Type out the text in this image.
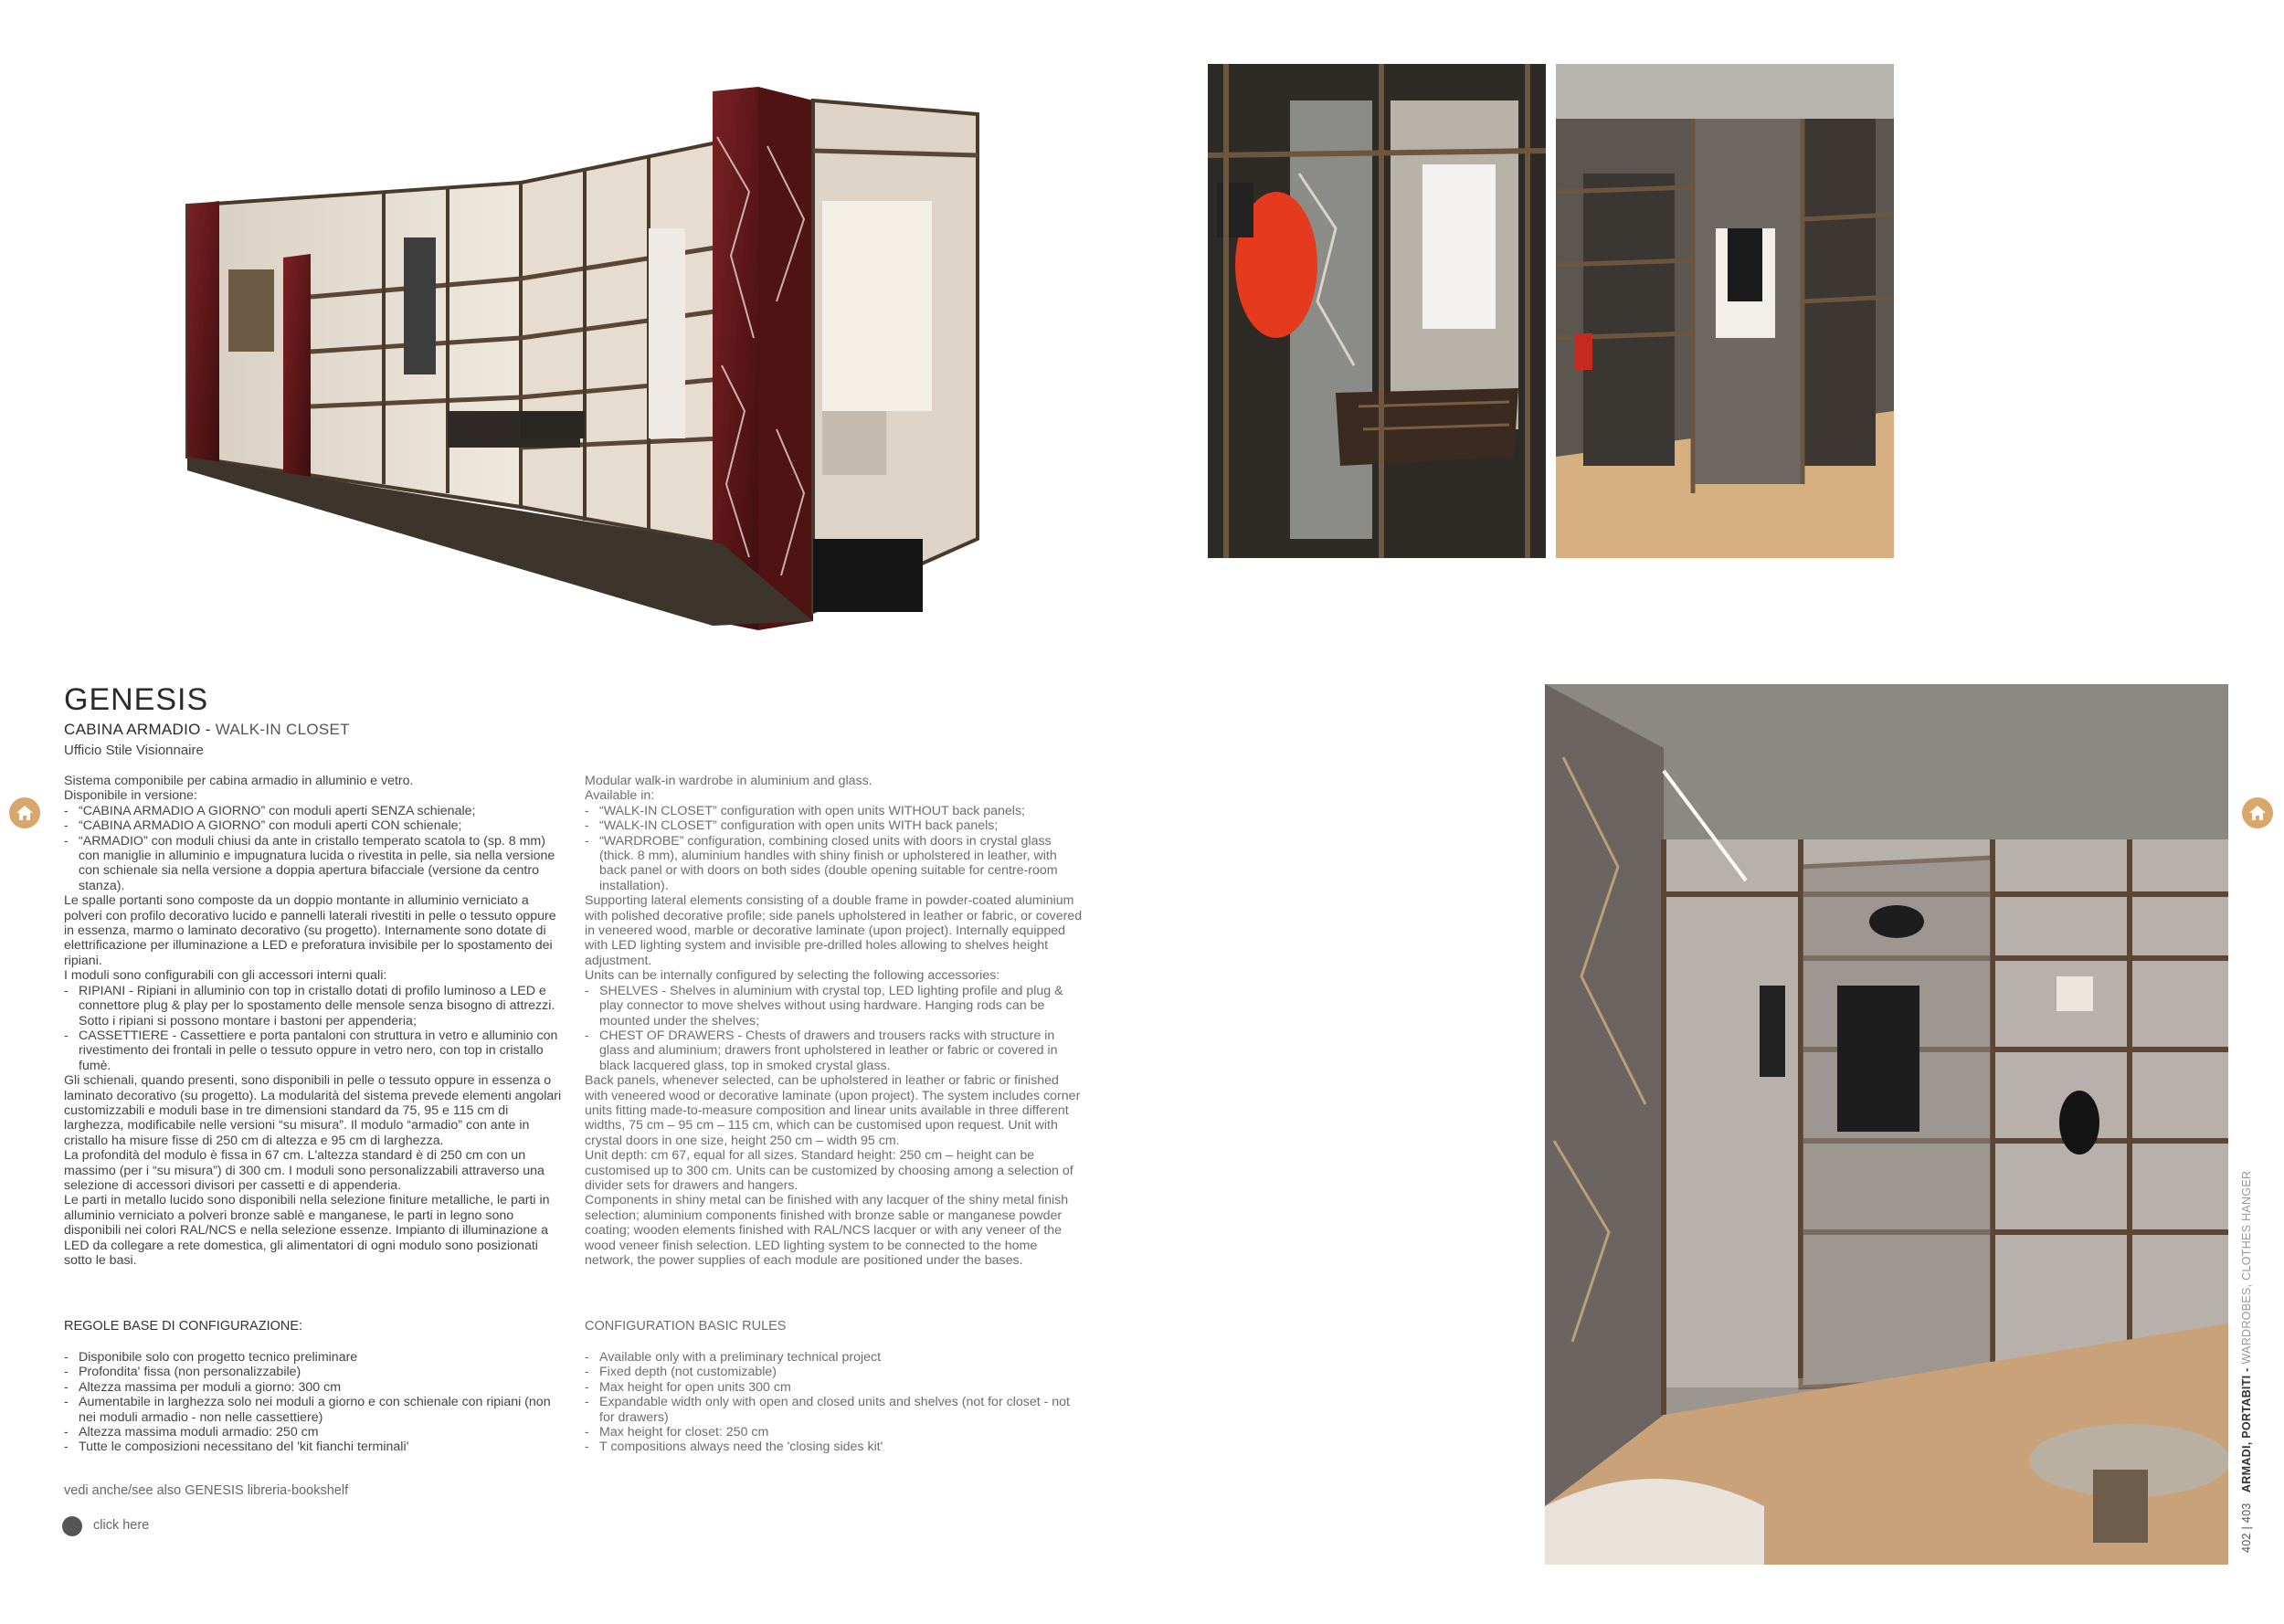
GENESIS
CABINA ARMADIO - WALK-IN CLOSET
Ufficio Stile Visionnaire

Sistema componibile per cabina armadio in alluminio e vetro.

Disponibile in versione:

- “CABINA ARMADIO A GIORNO” con moduli aperti SENZA schienale;

- “CABINA ARMADIO A GIORNO” con moduli aperti CON schienale;

- “ARMADIO” con moduli chiusi da ante in cristallo temperato scatola to (sp. 8 mm) con maniglie in alluminio e impugnatura lucida o rivestita in pelle, sia nella versione con schienale sia nella versione a doppia apertura bifacciale (versione da centro stanza).

Le spalle portanti sono composte da un doppio montante in alluminio verniciato a polveri con profilo decorativo lucido e pannelli laterali rivestiti in pelle o tessuto oppure in essenza, marmo o laminato decorativo (su progetto). Internamente sono dotate di elettrificazione per illuminazione a LED e preforatura invisibile per lo spostamento dei ripiani.

I moduli sono configurabili con gli accessori interni quali:

- RIPIANI - Ripiani in alluminio con top in cristallo dotati di profilo luminoso a LED e connettore plug & play per lo spostamento delle mensole senza bisogno di attrezzi. Sotto i ripiani si possono montare i bastoni per appenderia;

- CASSETTIERE - Cassettiere e porta pantaloni con struttura in vetro e alluminio con rivestimento dei frontali in pelle o tessuto oppure in vetro nero, con top in cristallo fumè.

Gli schienali, quando presenti, sono disponibili in pelle o tessuto oppure in essenza o laminato decorativo (su progetto). La modularità del sistema prevede elementi angolari customizzabili e moduli base in tre dimensioni standard da 75, 95 e 115 cm di larghezza, modificabile nelle versioni “su misura”. Il modulo “armadio” con ante in cristallo ha misure fisse di 250 cm di altezza e 95 cm di larghezza.

La profondità del modulo è fissa in 67 cm. L'altezza standard è di 250 cm con un massimo (per i “su misura”) di 300 cm. I moduli sono personalizzabili attraverso una selezione di accessori divisori per cassetti e di appenderia.

Le parti in metallo lucido sono disponibili nella selezione finiture metalliche, le parti in alluminio verniciato a polveri bronze sablè e manganese, le parti in legno sono disponibili nei colori RAL/NCS e nella selezione essenze. Impianto di illuminazione a LED da collegare a rete domestica, gli alimentatori di ogni modulo sono posizionati sotto le basi.

Modular walk-in wardrobe in aluminium and glass.

Available in:

- “WALK-IN CLOSET” configuration with open units WITHOUT back panels;

- “WALK-IN CLOSET” configuration with open units WITH back panels;

- “WARDROBE” configuration, combining closed units with doors in crystal glass (thick. 8 mm), aluminium handles with shiny finish or upholstered in leather, with back panel or with doors on both sides (double opening suitable for centre-room installation).

Supporting lateral elements consisting of a double frame in powder-coated aluminium with polished decorative profile; side panels upholstered in leather or fabric, or covered in veneered wood, marble or decorative laminate (upon project). Internally equipped with LED lighting system and invisible pre-drilled holes allowing to shelves height adjustment.

Units can be internally configured by selecting the following accessories:

- SHELVES - Shelves in aluminium with crystal top, LED lighting profile and plug & play connector to move shelves without using hardware. Hanging rods can be mounted under the shelves;

- CHEST OF DRAWERS - Chests of drawers and trousers racks with structure in glass and aluminium; drawers front upholstered in leather or fabric or covered in black lacquered glass, top in smoked crystal glass.

Back panels, whenever selected, can be upholstered in leather or fabric or finished with veneered wood or decorative laminate (upon project). The system includes corner units fitting made-to-measure composition and linear units available in three different widths, 75 cm – 95 cm – 115 cm, which can be customised upon request. Unit with crystal doors in one size, height 250 cm – width 95 cm.

Unit depth: cm 67, equal for all sizes. Standard height: 250 cm – height can be customised up to 300 cm. Units can be customized by choosing among a selection of divider sets for drawers and hangers.

Components in shiny metal can be finished with any lacquer of the shiny metal finish selection; aluminium components finished with bronze sable or manganese powder coating; wooden elements finished with RAL/NCS lacquer or with any veneer of the wood veneer finish selection. LED lighting system to be connected to the home network, the power supplies of each module are positioned under the bases.

REGOLE BASE DI CONFIGURAZIONE:	CONFIGURATION BASIC RULES
- Disponibile solo con progetto tecnico preliminare
- Profondita' fissa (non personalizzabile)
- Altezza massima per moduli a giorno: 300 cm
- Aumentabile in larghezza solo nei moduli a giorno e con schienale con ripiani (non nei moduli armadio - non nelle cassettiere)
- Altezza massima moduli armadio: 250 cm
- Tutte le composizioni necessitano del 'kit fianchi terminali'
- Available only with a preliminary technical project
- Fixed depth (not customizable)
- Max height for open units 300 cm
- Expandable width only with open and closed units and shelves (not for closet - not for drawers)
- Max height for closet: 250 cm
- T compositions always need the 'closing sides kit'
vedi anche/see also GENESIS libreria-bookshelf
click here	402 | 403   ARMADI, PORTABITI - WARDROBES, CLOTHES HANGER
